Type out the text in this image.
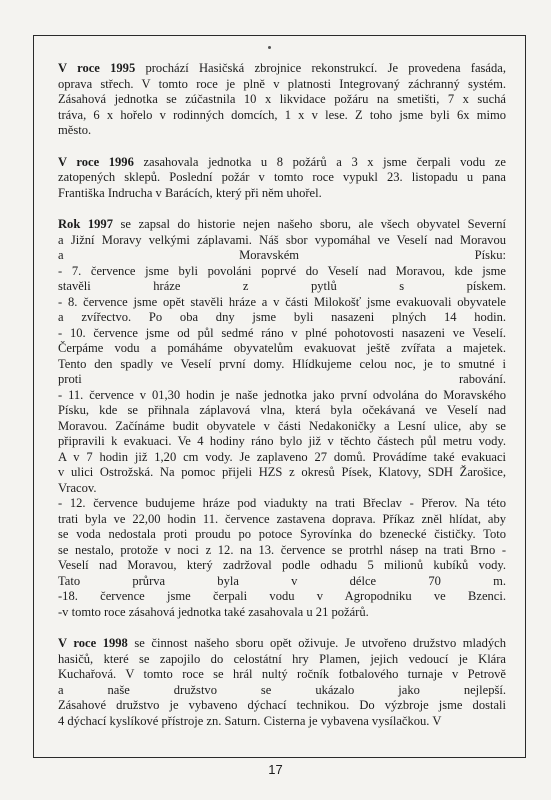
V roce 1995 prochází Hasičská zbrojnice rekonstrukcí. Je provedena fasáda,
oprava střech. V tomto roce je plně v platnosti Integrovaný záchranný systém.
Zásahová jednotka se zúčastnila 10 x likvidace požáru na smetišti, 7 x suchá
tráva, 6 x hořelo v rodinných domcích, 1 x v lese. Z toho jsme byli 6x mimo
město.
V roce 1996 zasahovala jednotka u 8 požárů a 3 x jsme čerpali vodu ze
zatopených sklepů. Poslední požár v tomto roce vypukl 23. listopadu u pana
Františka Indrucha v Barácích, který při něm uhořel.
Rok 1997 se zapsal do historie nejen našeho sboru, ale všech obyvatel Severní
a Jižní Moravy velkými záplavami. Náš sbor vypomáhal ve Veselí nad Moravou
a Moravském Písku:
- 7. července jsme byli povoláni poprvé do Veselí nad Moravou, kde jsme
stavěli hráze z pytlů s pískem.
- 8. července jsme opět stavěli hráze a v části Milokošť jsme evakuovali obyvatele
a zvířectvo. Po oba dny jsme byli nasazeni plných 14 hodin.
- 10. července jsme od půl sedmé ráno v plné pohotovosti nasazeni ve Veselí.
Čerpáme vodu a pomáháme obyvatelům evakuovat ještě zvířata a majetek.
Tento den spadly ve Veselí první domy. Hlídkujeme celou noc, je to smutné i
proti rabování.
- 11. července v 01,30 hodin je naše jednotka jako první odvolána do Moravského
Písku, kde se přihnala záplavová vlna, která byla očekávaná ve Veselí nad
Moravou. Začínáme budit obyvatele v části Nedakoničky a Lesní ulice, aby se
připravili k evakuaci. Ve 4 hodiny ráno bylo již v těchto částech půl metru vody.
A v 7 hodin již 1,20 cm vody. Je zaplaveno 27 domů. Provádíme také evakuaci
v ulici Ostrožská. Na pomoc přijeli HZS z okresů Písek, Klatovy, SDH Žarošice,
Vracov.
- 12. července budujeme hráze pod viadukty na trati Břeclav - Přerov. Na této
trati byla ve 22,00 hodin 11. července zastavena doprava. Příkaz zněl hlídat, aby
se voda nedostala proti proudu po potoce Syrovínka do bzenecké čističky. Toto
se nestalo, protože v noci z 12. na 13. července se protrhl násep na trati Brno -
Veselí nad Moravou, který zadržoval podle odhadu 5 milionů kubíků vody.
Tato průrva byla v délce 70 m.
-18. července jsme čerpali vodu v Agropodniku ve Bzenci.
-v tomto roce zásahová jednotka také zasahovala u 21 požárů.
V roce 1998 se činnost našeho sboru opět oživuje. Je utvořeno družstvo mladých
hasičů, které se zapojilo do celostátní hry Plamen, jejich vedoucí je Klára
Kuchařová. V tomto roce se hrál nultý ročník fotbalového turnaje v Petrově
a naše družstvo se ukázalo jako nejlepší.
Zásahové družstvo je vybaveno dýchací technikou. Do výzbroje jsme dostali
4 dýchací kyslíkové přístroje zn. Saturn. Cisterna je vybavena vysílačkou. V
17
